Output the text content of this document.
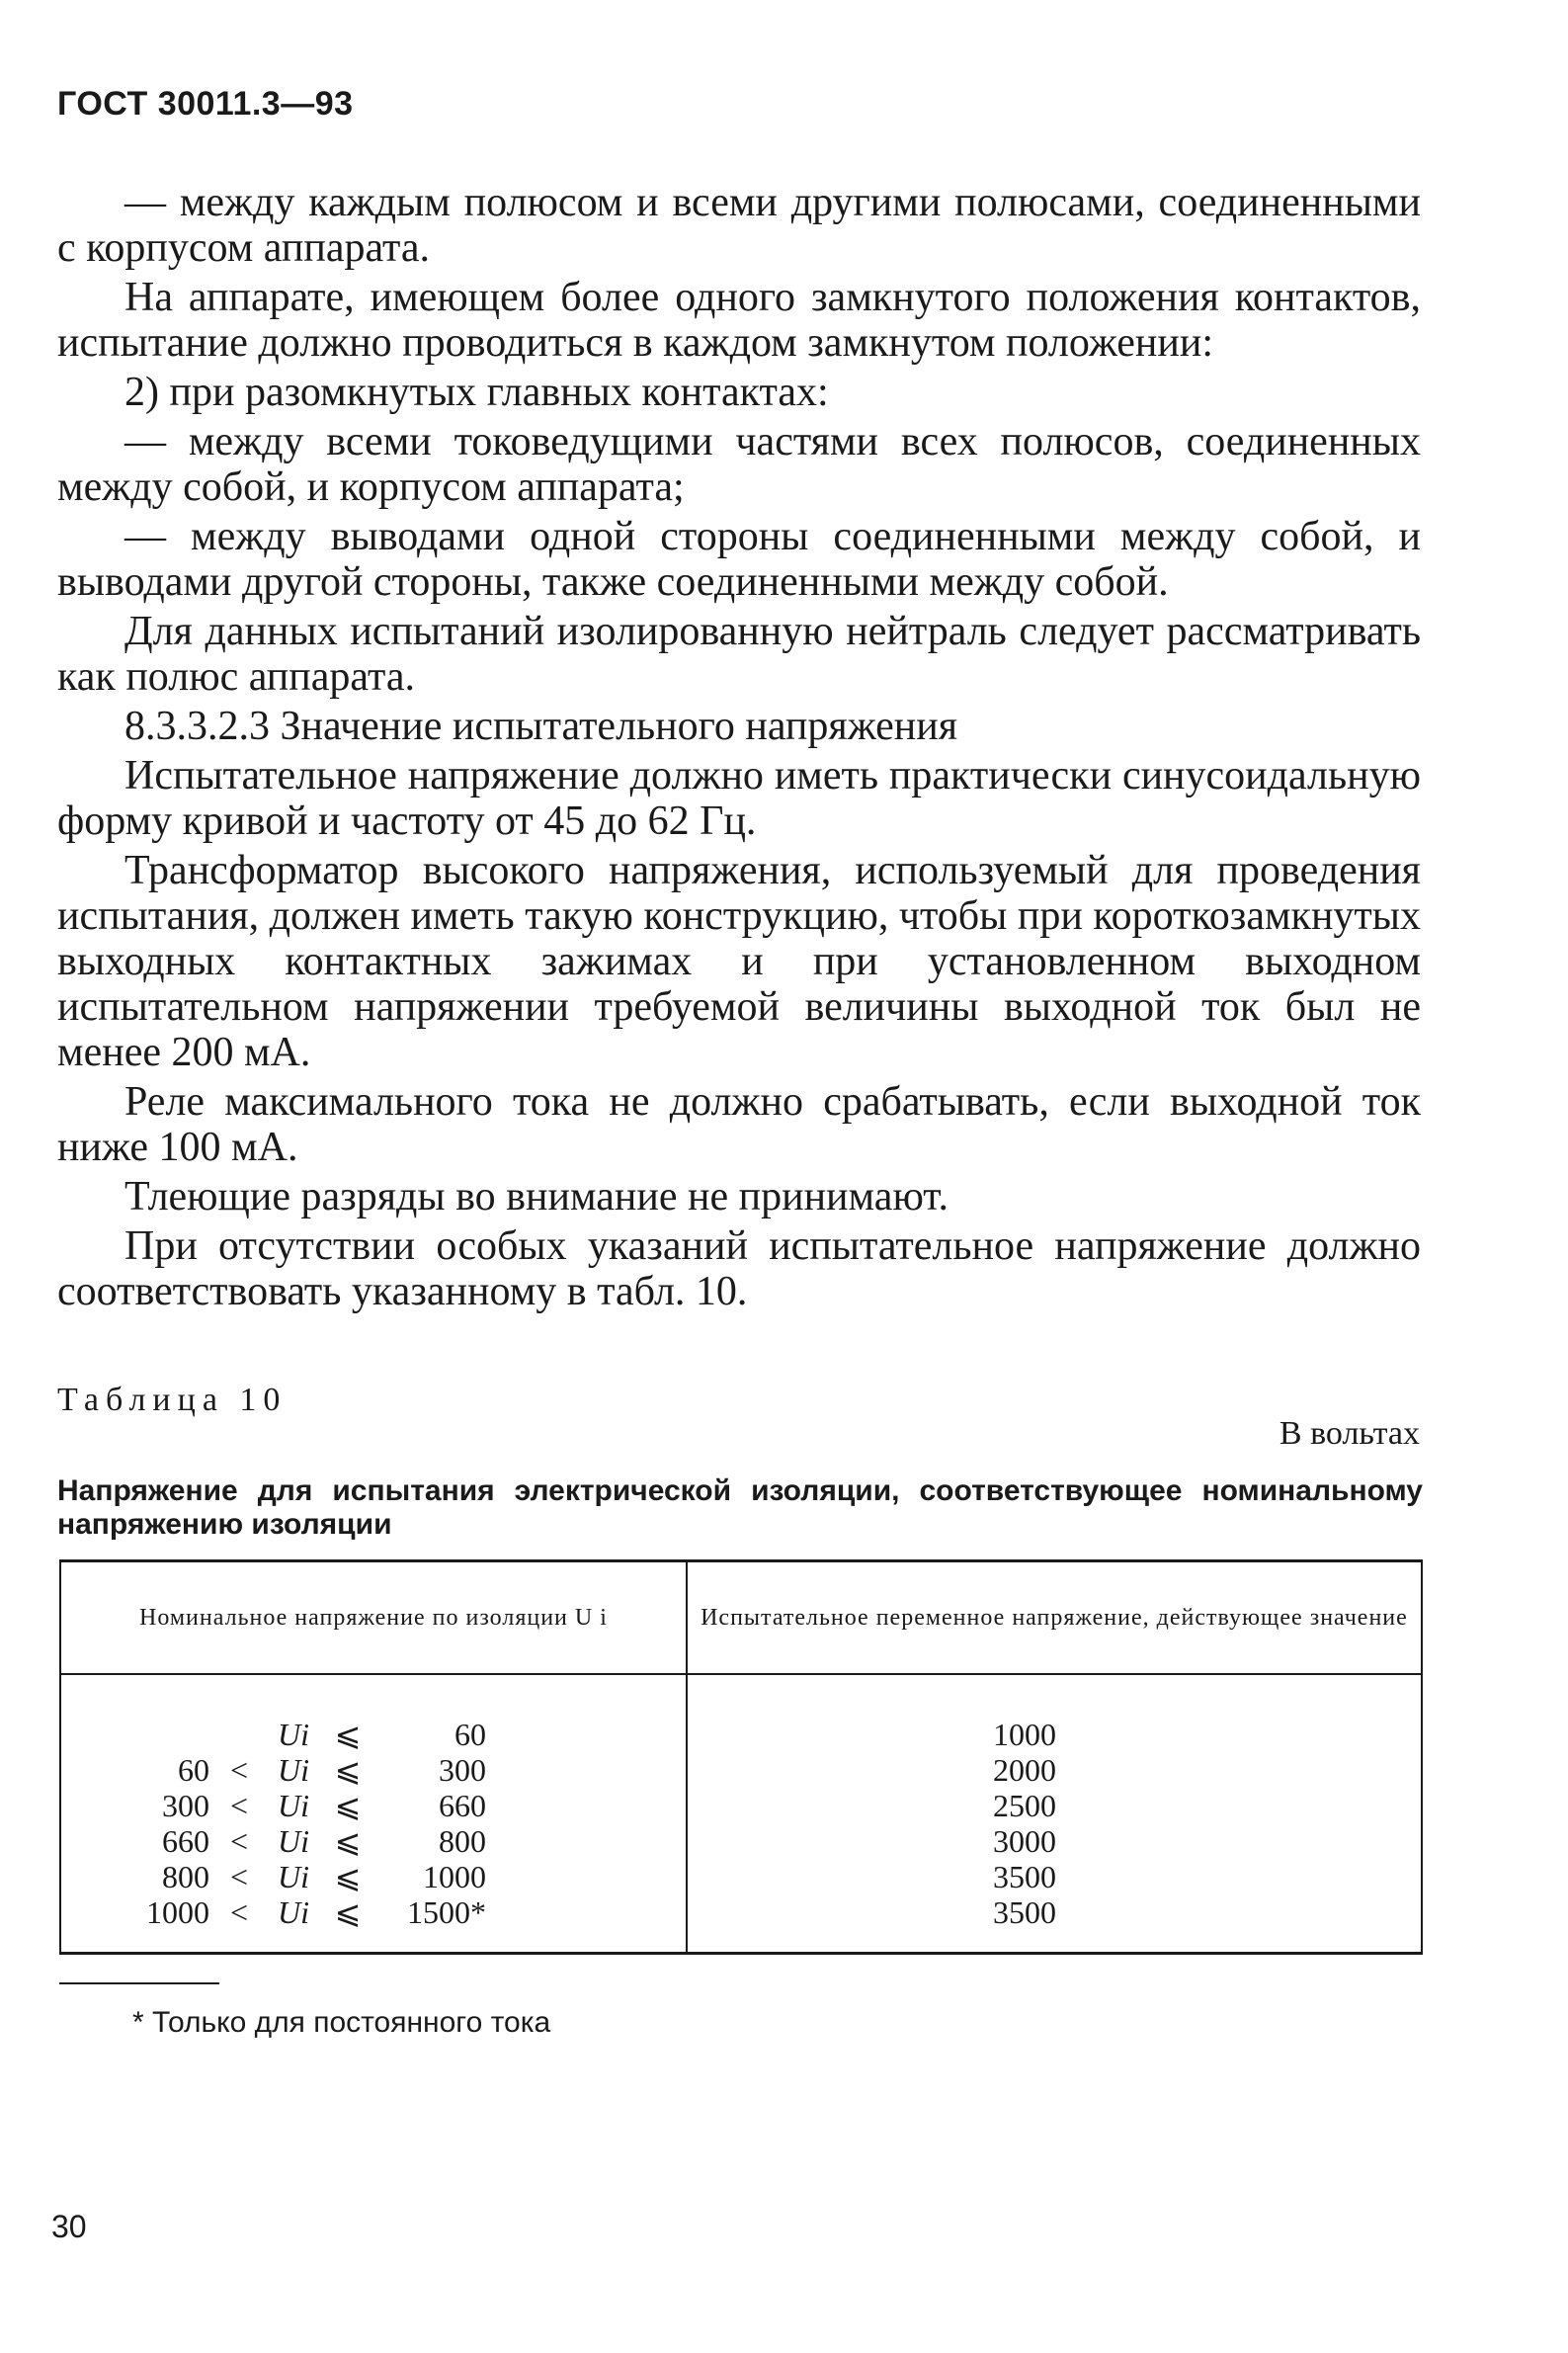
ГОСТ 30011.3—93

— между каждым полюсом и всеми другими полюсами, соединенными с корпусом аппарата.

На аппарате, имеющем более одного замкнутого положения контактов, испытание должно проводиться в каждом замкнутом положении:

2) при разомкнутых главных контактах:

— между всеми токоведущими частями всех полюсов, соединенных между собой, и корпусом аппарата;

— между выводами одной стороны соединенными между собой, и выводами другой стороны, также соединенными между собой.

Для данных испытаний изолированную нейтраль следует рассматривать как полюс аппарата.

8.3.3.2.3 Значение испытательного напряжения

Испытательное напряжение должно иметь практически синусоидальную форму кривой и частоту от 45 до 62 Гц.

Трансформатор высокого напряжения, используемый для проведения испытания, должен иметь такую конструкцию, чтобы при короткозамкнутых выходных контактных зажимах и при установленном выходном испытательном напряжении требуемой величины выходной ток был не менее 200 мА.

Реле максимального тока не должно срабатывать, если выходной ток ниже 100 мА.

Тлеющие разряды во внимание не принимают.

При отсутствии особых указаний испытательное напряжение должно соответствовать указанному в табл. 10.

Таблица 10
В вольтах
Напряжение для испытания электрической изоляции, соответствующее номинальному напряжению изоляции
Номинальное напряжение по изоляции U i	Испытательное переменное напряжение, действующее значение
Ui ⩽ 60	1000
60 < Ui ⩽ 300	2000
300 < Ui ⩽ 660	2500
660 < Ui ⩽ 800	3000
800 < Ui ⩽ 1000	3500
1000 < Ui ⩽ 1500*	3500
* Только для постоянного тока
30
